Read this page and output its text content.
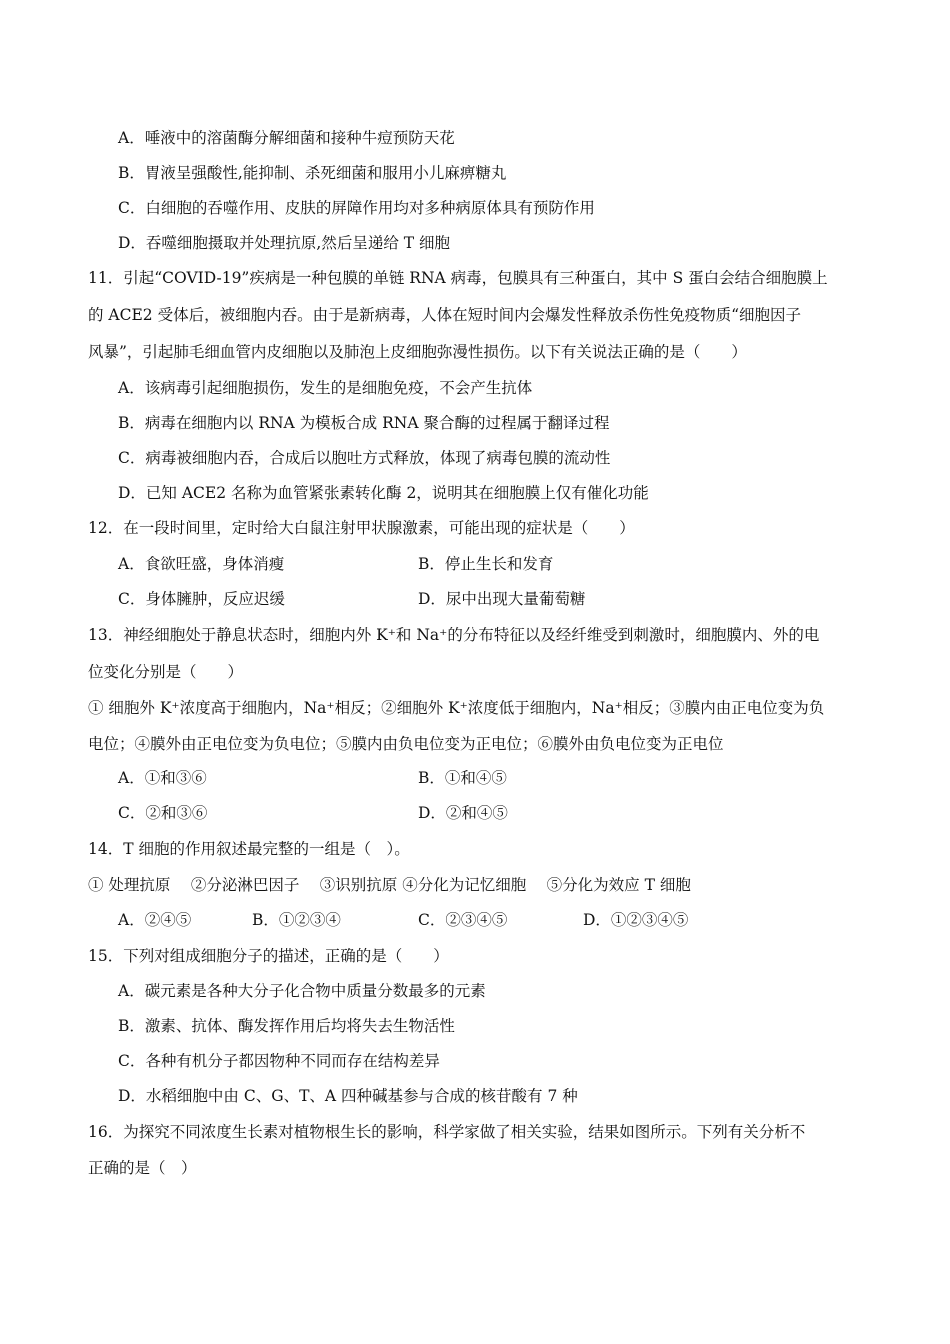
A．唾液中的溶菌酶分解细菌和接种牛痘预防天花
B．胃液呈强酸性,能抑制、杀死细菌和服用小儿麻痹糖丸
C．白细胞的吞噬作用、皮肤的屏障作用均对多种病原体具有预防作用
D．吞噬细胞摄取并处理抗原,然后呈递给 T 细胞
11．引起“COVID-19”疾病是一种包膜的单链 RNA 病毒，包膜具有三种蛋白，其中 S 蛋白会结合细胞膜上
的 ACE2 受体后，被细胞内吞。由于是新病毒，人体在短时间内会爆发性释放杀伤性免疫物质“细胞因子
风暴”，引起肺毛细血管内皮细胞以及肺泡上皮细胞弥漫性损伤。以下有关说法正确的是（　　）
A．该病毒引起细胞损伤，发生的是细胞免疫，不会产生抗体
B．病毒在细胞内以 RNA 为模板合成 RNA 聚合酶的过程属于翻译过程
C．病毒被细胞内吞，合成后以胞吐方式释放，体现了病毒包膜的流动性
D．已知 ACE2 名称为血管紧张素转化酶 2，说明其在细胞膜上仅有催化功能
12．在一段时间里，定时给大白鼠注射甲状腺激素，可能出现的症状是（　　）
A．食欲旺盛，身体消瘦	B．停止生长和发育
C．身体臃肿，反应迟缓	D．尿中出现大量葡萄糖
13．神经细胞处于静息状态时，细胞内外 K⁺和 Na⁺的分布特征以及经纤维受到刺激时，细胞膜内、外的电
位变化分别是（　　）
① 细胞外 K⁺浓度高于细胞内，Na⁺相反；②细胞外 K⁺浓度低于细胞内，Na⁺相反；③膜内由正电位变为负
电位；④膜外由正电位变为负电位；⑤膜内由负电位变为正电位；⑥膜外由负电位变为正电位
A．①和③⑥	B．①和④⑤
C．②和③⑥	D．②和④⑤
14．T 细胞的作用叙述最完整的一组是（　）。
① 处理抗原　 ②分泌淋巴因子　 ③识别抗原 ④分化为记忆细胞　 ⑤分化为效应 T 细胞
A．②④⑤	B．①②③④	C．②③④⑤	D．①②③④⑤
15．下列对组成细胞分子的描述，正确的是（　　）
A．碳元素是各种大分子化合物中质量分数最多的元素
B．激素、抗体、酶发挥作用后均将失去生物活性
C．各种有机分子都因物种不同而存在结构差异
D．水稻细胞中由 C、G、T、A 四种碱基参与合成的核苷酸有 7 种
16．为探究不同浓度生长素对植物根生长的影响，科学家做了相关实验，结果如图所示。下列有关分析不
正确的是（　）
